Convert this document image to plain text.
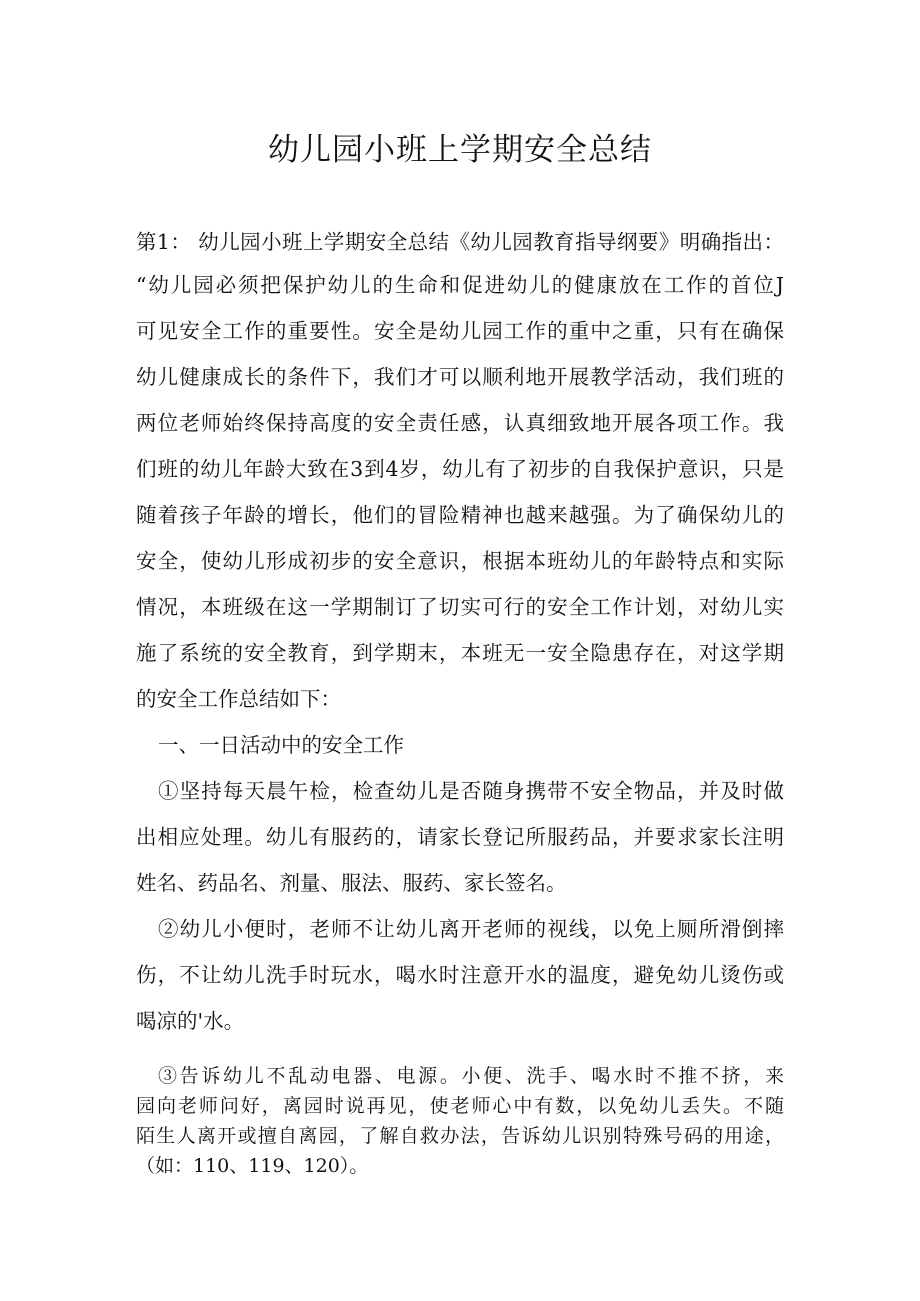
幼儿园小班上学期安全总结
第1： 幼儿园小班上学期安全总结《幼儿园教育指导纲要》明确指出：
“幼儿园必须把保护幼儿的生命和促进幼儿的健康放在工作的首位J
可见安全工作的重要性。安全是幼儿园工作的重中之重，只有在确保
幼儿健康成长的条件下，我们才可以顺利地开展教学活动，我们班的
两位老师始终保持高度的安全责任感，认真细致地开展各项工作。我
们班的幼儿年龄大致在3到4岁，幼儿有了初步的自我保护意识，只是
随着孩子年龄的增长，他们的冒险精神也越来越强。为了确保幼儿的
安全，使幼儿形成初步的安全意识，根据本班幼儿的年龄特点和实际
情况，本班级在这一学期制订了切实可行的安全工作计划，对幼儿实
施了系统的安全教育，到学期末，本班无一安全隐患存在，对这学期
的安全工作总结如下：
一、一日活动中的安全工作
①坚持每天晨午检，检查幼儿是否随身携带不安全物品，并及时做
出相应处理。幼儿有服药的，请家长登记所服药品，并要求家长注明
姓名、药品名、剂量、服法、服药、家长签名。
②幼儿小便时，老师不让幼儿离开老师的视线，以免上厕所滑倒摔
伤，不让幼儿洗手时玩水，喝水时注意开水的温度，避免幼儿烫伤或
喝凉的'水。
③告诉幼儿不乱动电器、电源。小便、洗手、喝水时不推不挤，来
园向老师问好，离园时说再见，使老师心中有数，以免幼儿丢失。不随
陌生人离开或擅自离园，了解自救办法，告诉幼儿识别特殊号码的用途，
（如：110、119、120）。
